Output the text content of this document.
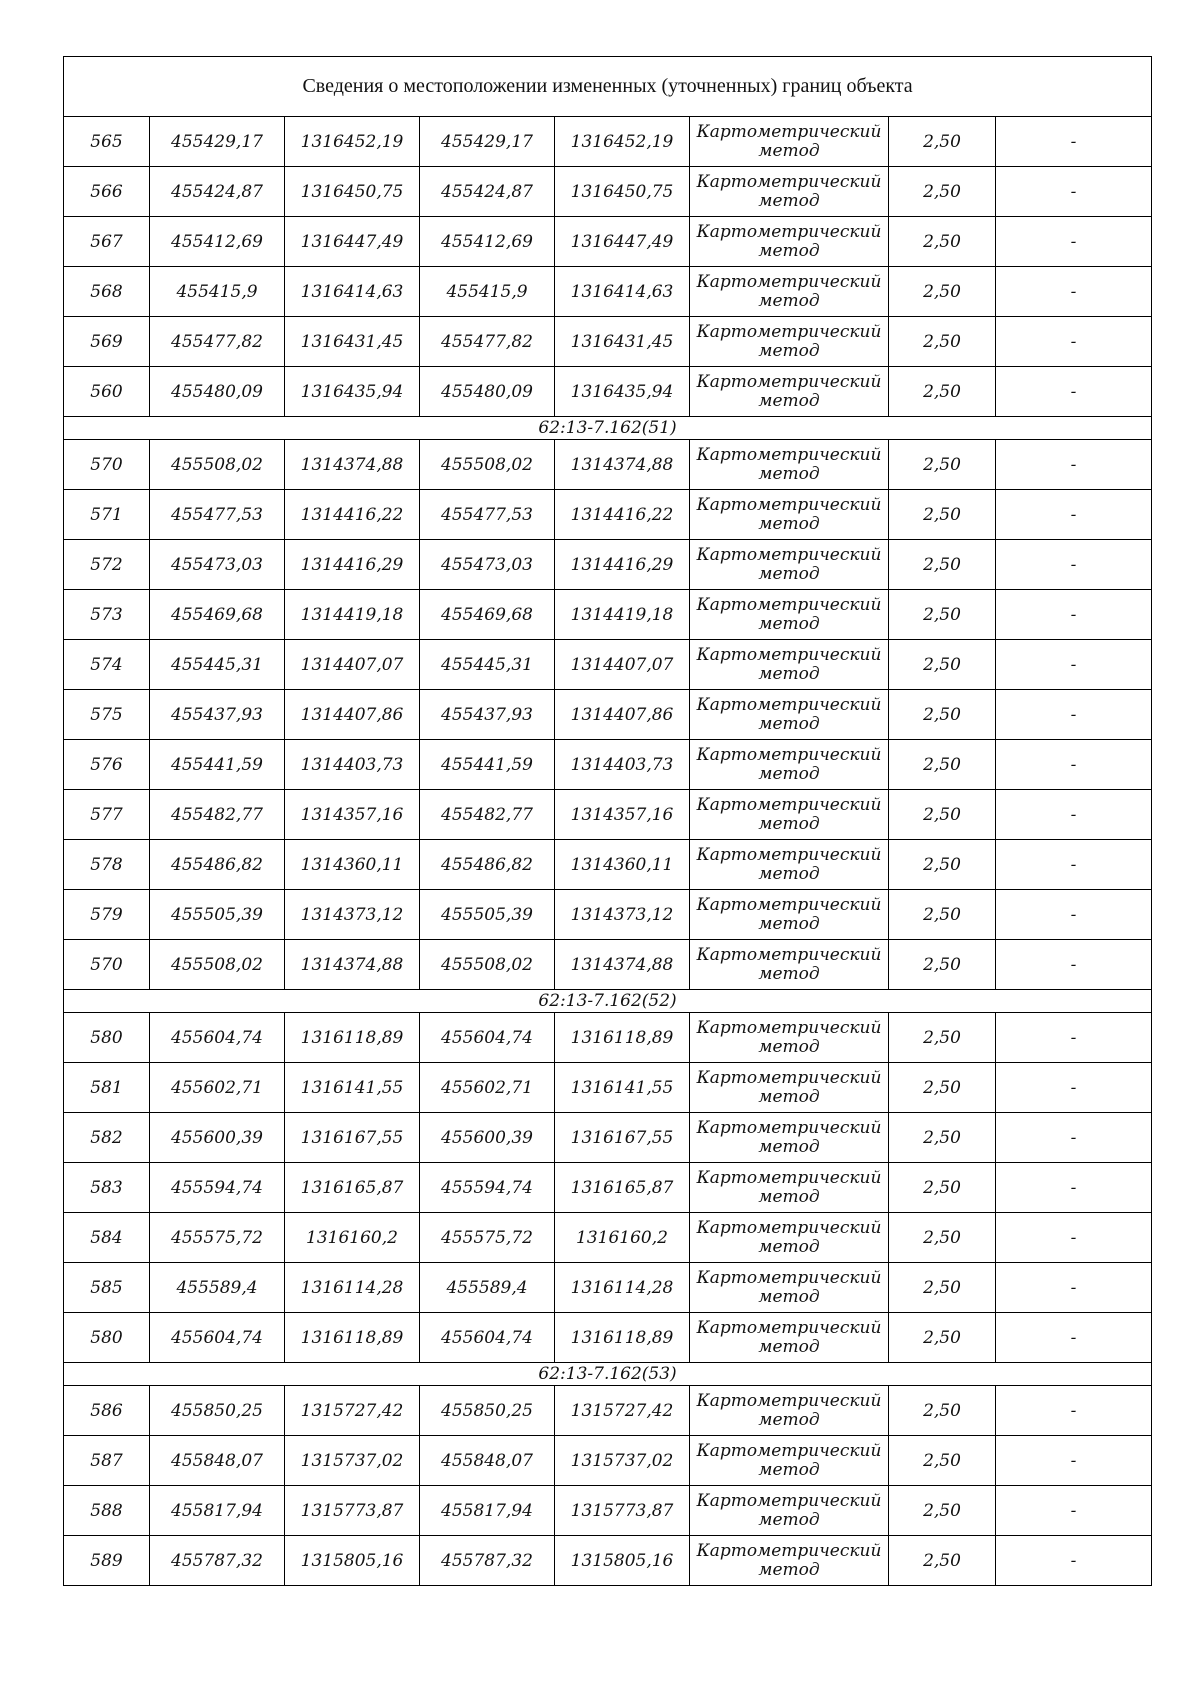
Сведения о местоположении измененных (уточненных) границ объекта							
565	455429,17	1316452,19	455429,17	1316452,19	Картометрический
метод	2,50	-
566	455424,87	1316450,75	455424,87	1316450,75	Картометрический
метод	2,50	-
567	455412,69	1316447,49	455412,69	1316447,49	Картометрический
метод	2,50	-
568	455415,9	1316414,63	455415,9	1316414,63	Картометрический
метод	2,50	-
569	455477,82	1316431,45	455477,82	1316431,45	Картометрический
метод	2,50	-
560	455480,09	1316435,94	455480,09	1316435,94	Картометрический
метод	2,50	-
62:13-7.162(51)							
570	455508,02	1314374,88	455508,02	1314374,88	Картометрический
метод	2,50	-
571	455477,53	1314416,22	455477,53	1314416,22	Картометрический
метод	2,50	-
572	455473,03	1314416,29	455473,03	1314416,29	Картометрический
метод	2,50	-
573	455469,68	1314419,18	455469,68	1314419,18	Картометрический
метод	2,50	-
574	455445,31	1314407,07	455445,31	1314407,07	Картометрический
метод	2,50	-
575	455437,93	1314407,86	455437,93	1314407,86	Картометрический
метод	2,50	-
576	455441,59	1314403,73	455441,59	1314403,73	Картометрический
метод	2,50	-
577	455482,77	1314357,16	455482,77	1314357,16	Картометрический
метод	2,50	-
578	455486,82	1314360,11	455486,82	1314360,11	Картометрический
метод	2,50	-
579	455505,39	1314373,12	455505,39	1314373,12	Картометрический
метод	2,50	-
570	455508,02	1314374,88	455508,02	1314374,88	Картометрический
метод	2,50	-
62:13-7.162(52)							
580	455604,74	1316118,89	455604,74	1316118,89	Картометрический
метод	2,50	-
581	455602,71	1316141,55	455602,71	1316141,55	Картометрический
метод	2,50	-
582	455600,39	1316167,55	455600,39	1316167,55	Картометрический
метод	2,50	-
583	455594,74	1316165,87	455594,74	1316165,87	Картометрический
метод	2,50	-
584	455575,72	1316160,2	455575,72	1316160,2	Картометрический
метод	2,50	-
585	455589,4	1316114,28	455589,4	1316114,28	Картометрический
метод	2,50	-
580	455604,74	1316118,89	455604,74	1316118,89	Картометрический
метод	2,50	-
62:13-7.162(53)							
586	455850,25	1315727,42	455850,25	1315727,42	Картометрический
метод	2,50	-
587	455848,07	1315737,02	455848,07	1315737,02	Картометрический
метод	2,50	-
588	455817,94	1315773,87	455817,94	1315773,87	Картометрический
метод	2,50	-
589	455787,32	1315805,16	455787,32	1315805,16	Картометрический
метод	2,50	-
